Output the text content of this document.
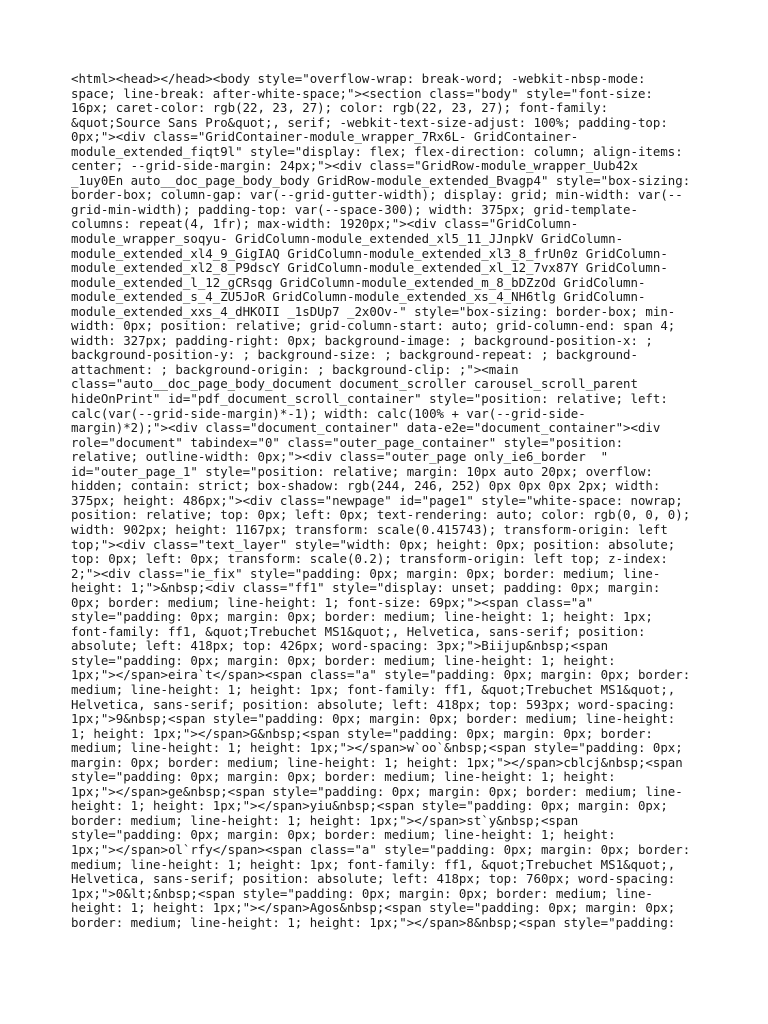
<html><head></head><body style="overflow-wrap: break-word; -webkit-nbsp-mode:
space; line-break: after-white-space;"><section class="body" style="font-size:
16px; caret-color: rgb(22, 23, 27); color: rgb(22, 23, 27); font-family:
&quot;Source Sans Pro&quot;, serif; -webkit-text-size-adjust: 100%; padding-top:
0px;"><div class="GridContainer-module_wrapper_7Rx6L- GridContainer-
module_extended_fiqt9l" style="display: flex; flex-direction: column; align-items:
center; --grid-side-margin: 24px;"><div class="GridRow-module_wrapper_Uub42x
_1uy0En auto__doc_page_body_body GridRow-module_extended_Bvagp4" style="box-sizing:
border-box; column-gap: var(--grid-gutter-width); display: grid; min-width: var(--
grid-min-width); padding-top: var(--space-300); width: 375px; grid-template-
columns: repeat(4, 1fr); max-width: 1920px;"><div class="GridColumn-
module_wrapper_soqyu- GridColumn-module_extended_xl5_11_JJnpkV GridColumn-
module_extended_xl4_9_GigIAQ GridColumn-module_extended_xl3_8_frUn0z GridColumn-
module_extended_xl2_8_P9dscY GridColumn-module_extended_xl_12_7vx87Y GridColumn-
module_extended_l_12_gCRsqg GridColumn-module_extended_m_8_bDZzOd GridColumn-
module_extended_s_4_ZU5JoR GridColumn-module_extended_xs_4_NH6tlg GridColumn-
module_extended_xxs_4_dHKOII _1sDUp7 _2x0Ov-" style="box-sizing: border-box; min-
width: 0px; position: relative; grid-column-start: auto; grid-column-end: span 4;
width: 327px; padding-right: 0px; background-image: ; background-position-x: ;
background-position-y: ; background-size: ; background-repeat: ; background-
attachment: ; background-origin: ; background-clip: ;"><main
class="auto__doc_page_body_document document_scroller carousel_scroll_parent
hideOnPrint" id="pdf_document_scroll_container" style="position: relative; left:
calc(var(--grid-side-margin)*-1); width: calc(100% + var(--grid-side-
margin)*2);"><div class="document_container" data-e2e="document_container"><div
role="document" tabindex="0" class="outer_page_container" style="position:
relative; outline-width: 0px;"><div class="outer_page only_ie6_border  "
id="outer_page_1" style="position: relative; margin: 10px auto 20px; overflow:
hidden; contain: strict; box-shadow: rgb(244, 246, 252) 0px 0px 0px 2px; width:
375px; height: 486px;"><div class="newpage" id="page1" style="white-space: nowrap;
position: relative; top: 0px; left: 0px; text-rendering: auto; color: rgb(0, 0, 0);
width: 902px; height: 1167px; transform: scale(0.415743); transform-origin: left
top;"><div class="text_layer" style="width: 0px; height: 0px; position: absolute;
top: 0px; left: 0px; transform: scale(0.2); transform-origin: left top; z-index:
2;"><div class="ie_fix" style="padding: 0px; margin: 0px; border: medium; line-
height: 1;">&nbsp;<div class="ff1" style="display: unset; padding: 0px; margin:
0px; border: medium; line-height: 1; font-size: 69px;"><span class="a"
style="padding: 0px; margin: 0px; border: medium; line-height: 1; height: 1px;
font-family: ff1, &quot;Trebuchet MS1&quot;, Helvetica, sans-serif; position:
absolute; left: 418px; top: 426px; word-spacing: 3px;">Biijup&nbsp;<span
style="padding: 0px; margin: 0px; border: medium; line-height: 1; height:
1px;"></span>eira`t</span><span class="a" style="padding: 0px; margin: 0px; border:
medium; line-height: 1; height: 1px; font-family: ff1, &quot;Trebuchet MS1&quot;,
Helvetica, sans-serif; position: absolute; left: 418px; top: 593px; word-spacing:
1px;">9&nbsp;<span style="padding: 0px; margin: 0px; border: medium; line-height:
1; height: 1px;"></span>G&nbsp;<span style="padding: 0px; margin: 0px; border:
medium; line-height: 1; height: 1px;"></span>w`oo`&nbsp;<span style="padding: 0px;
margin: 0px; border: medium; line-height: 1; height: 1px;"></span>cblcj&nbsp;<span
style="padding: 0px; margin: 0px; border: medium; line-height: 1; height:
1px;"></span>ge&nbsp;<span style="padding: 0px; margin: 0px; border: medium; line-
height: 1; height: 1px;"></span>yiu&nbsp;<span style="padding: 0px; margin: 0px;
border: medium; line-height: 1; height: 1px;"></span>st`y&nbsp;<span
style="padding: 0px; margin: 0px; border: medium; line-height: 1; height:
1px;"></span>ol`rfy</span><span class="a" style="padding: 0px; margin: 0px; border:
medium; line-height: 1; height: 1px; font-family: ff1, &quot;Trebuchet MS1&quot;,
Helvetica, sans-serif; position: absolute; left: 418px; top: 760px; word-spacing:
1px;">0&lt;&nbsp;<span style="padding: 0px; margin: 0px; border: medium; line-
height: 1; height: 1px;"></span>Agos&nbsp;<span style="padding: 0px; margin: 0px;
border: medium; line-height: 1; height: 1px;"></span>8&nbsp;<span style="padding:
